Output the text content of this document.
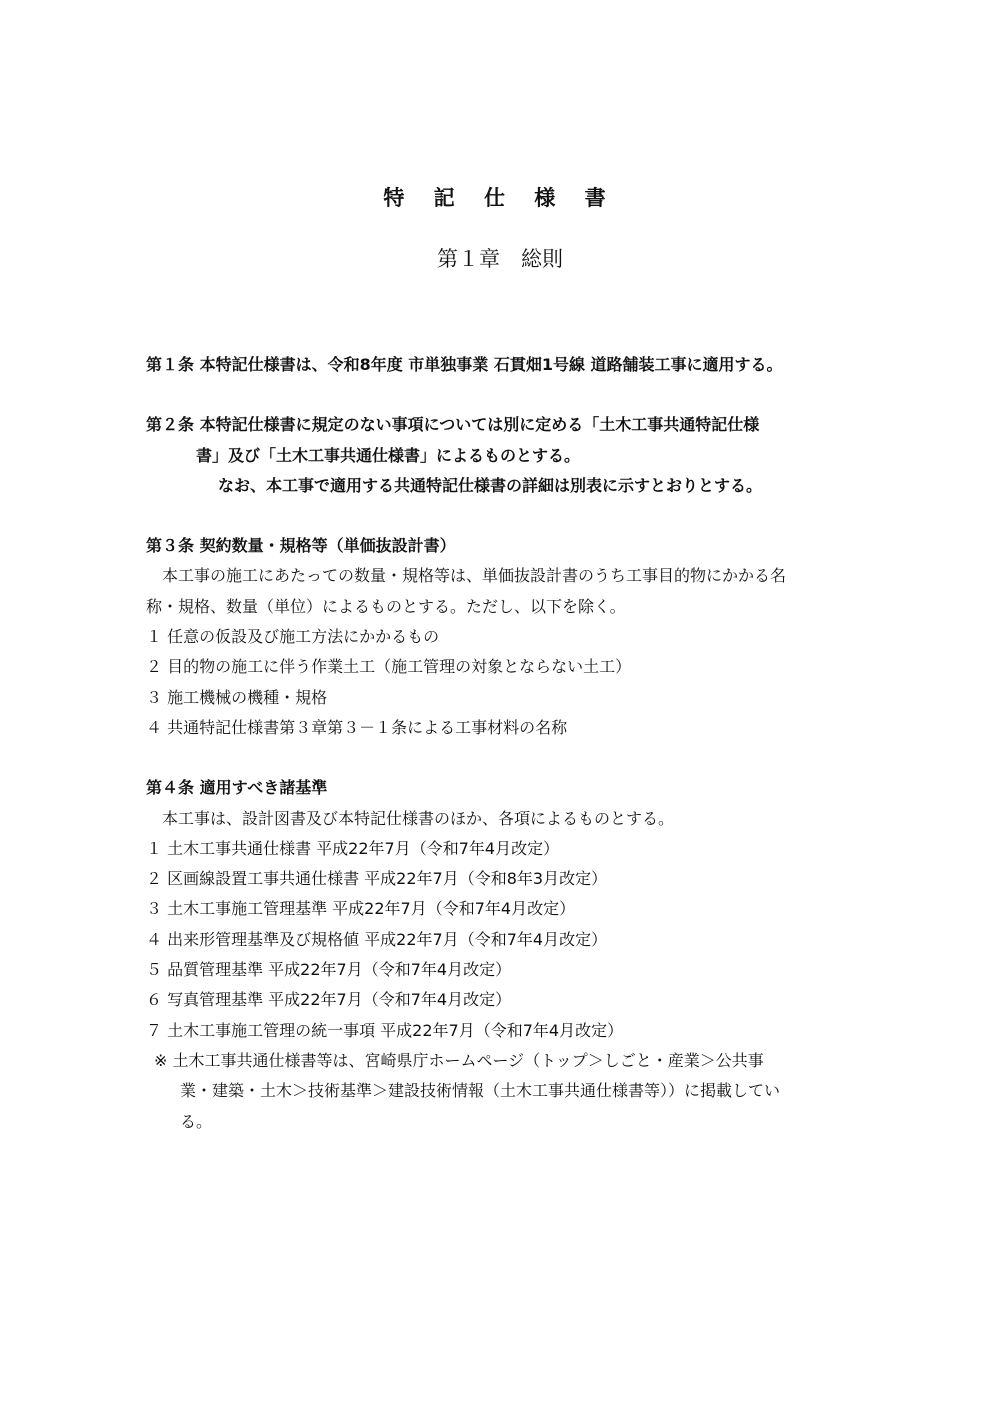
特 記 仕 様 書
第１章　総則
第１条 本特記仕様書は、令和8年度 市単独事業 石貫畑1号線 道路舗装工事に適用する。
第２条 本特記仕様書に規定のない事項については別に定める「土木工事共通特記仕様
書」及び「土木工事共通仕様書」によるものとする。
なお、本工事で適用する共通特記仕様書の詳細は別表に示すとおりとする。
第３条 契約数量・規格等（単価抜設計書）
本工事の施工にあたっての数量・規格等は、単価抜設計書のうち工事目的物にかかる名
称・規格、数量（単位）によるものとする。ただし、以下を除く。
１ 任意の仮設及び施工方法にかかるもの
２ 目的物の施工に伴う作業土工（施工管理の対象とならない土工）
３ 施工機械の機種・規格
４ 共通特記仕様書第３章第３－１条による工事材料の名称
第４条 適用すべき諸基準
本工事は、設計図書及び本特記仕様書のほか、各項によるものとする。
１ 土木工事共通仕様書 平成22年7月（令和7年4月改定）
２ 区画線設置工事共通仕様書 平成22年7月（令和8年3月改定）
３ 土木工事施工管理基準 平成22年7月（令和7年4月改定）
４ 出来形管理基準及び規格値 平成22年7月（令和7年4月改定）
５ 品質管理基準 平成22年7月（令和7年4月改定）
６ 写真管理基準 平成22年7月（令和7年4月改定）
７ 土木工事施工管理の統一事項 平成22年7月（令和7年4月改定）
※ 土木工事共通仕様書等は、宮崎県庁ホームページ（トップ＞しごと・産業＞公共事
業・建築・土木＞技術基準＞建設技術情報（土木工事共通仕様書等））に掲載してい
る。
